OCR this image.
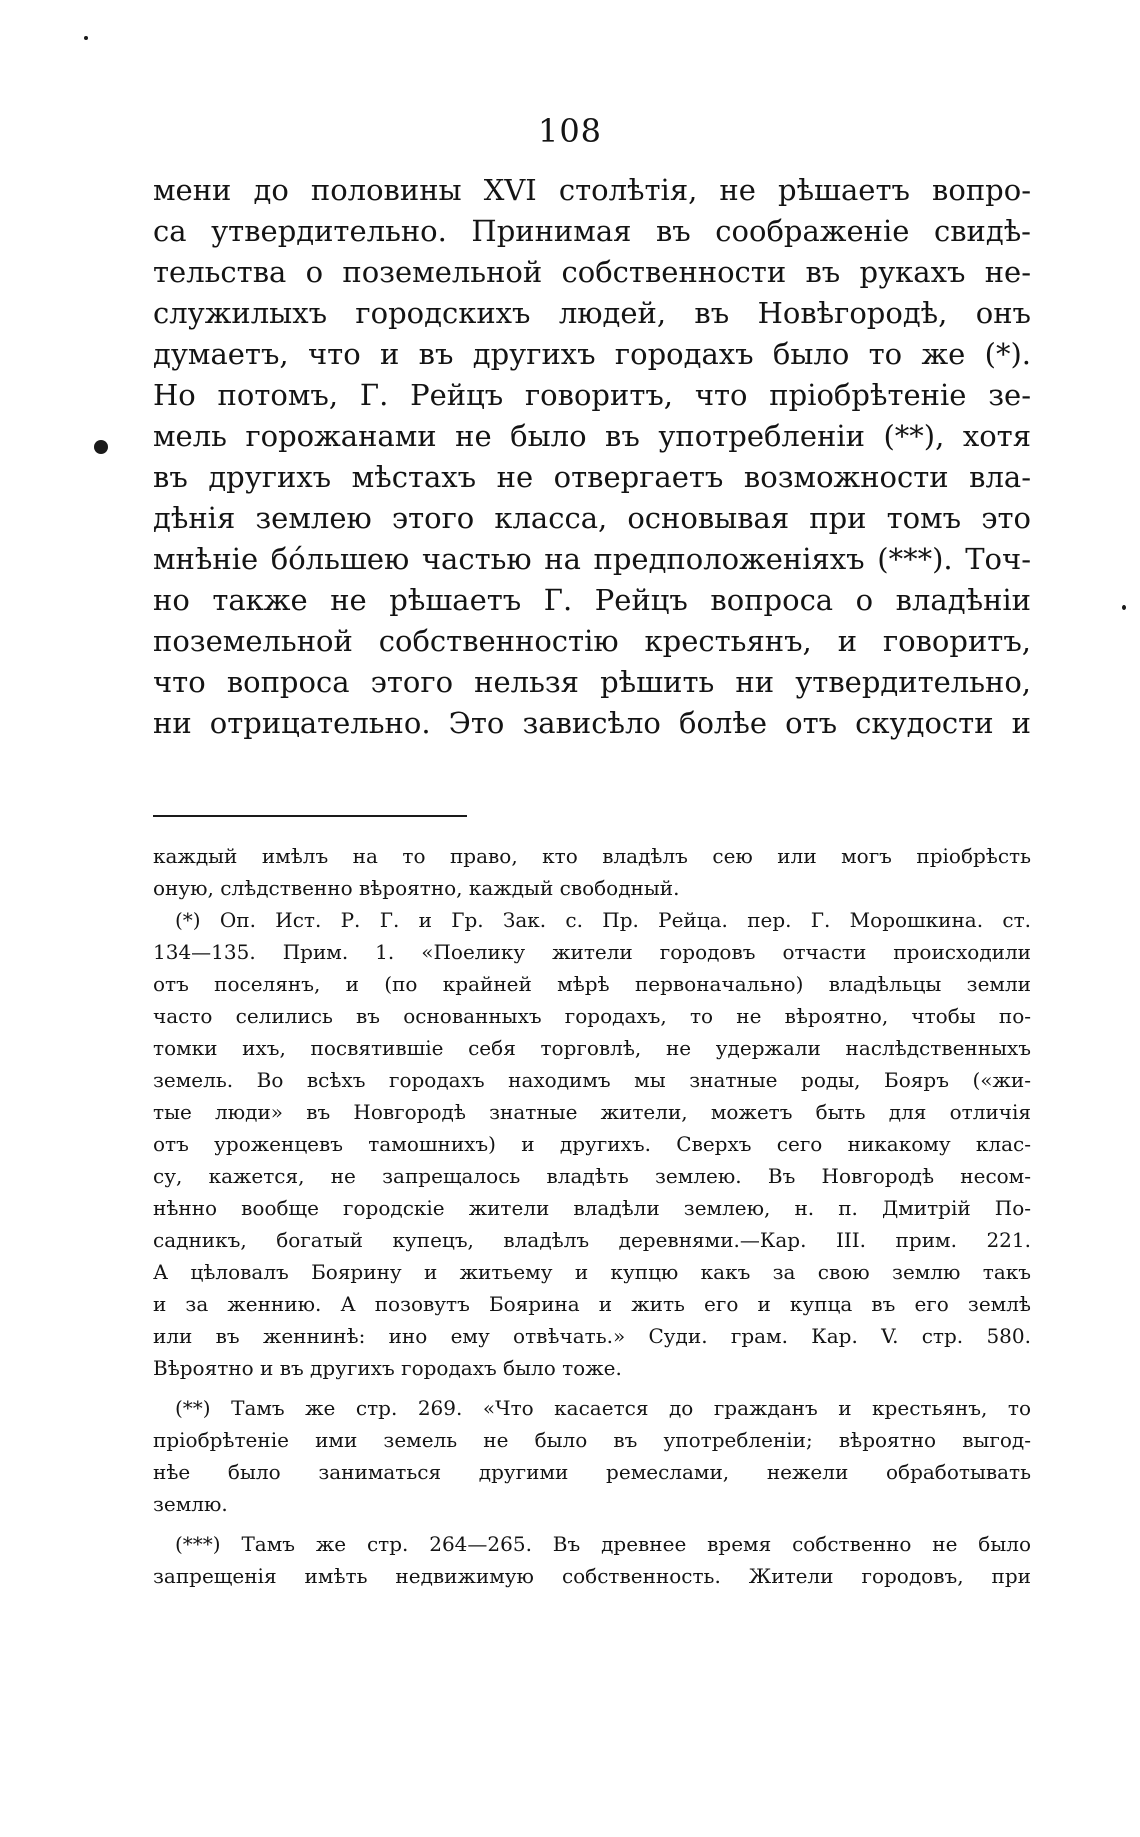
108
мени до половины XVI столѣтія, не рѣшаетъ вопро-
са утвердительно. Принимая въ соображеніе свидѣ-
тельства о поземельной собственности въ рукахъ не-
служилыхъ городскихъ людей, въ Новѣгородѣ, онъ
думаетъ, что и въ другихъ городахъ было то же (*).
Но потомъ, Г. Рейцъ говоритъ, что пріобрѣтеніе зе-
мель горожанами не было въ употребленіи (**), хотя
въ другихъ мѣстахъ не отвергаетъ возможности вла-
дѣнія землею этого класса, основывая при томъ это
мнѣніе бо́льшею частью на предположеніяхъ (***). Точ-
но также не рѣшаетъ Г. Рейцъ вопроса о владѣніи
поземельной собственностію крестьянъ, и говоритъ,
что вопроса этого нельзя рѣшить ни утвердительно,
ни отрицательно. Это зависѣло болѣе отъ скудости и
каждый имѣлъ на то право, кто владѣлъ сею или могъ пріобрѣсть
оную, слѣдственно вѣроятно, каждый свободный.
(*) Оп. Ист. Р. Г. и Гр. Зак. с. Пр. Рейца. пер. Г. Морошкина. ст.
134—135. Прим. 1. «Поелику жители городовъ отчасти происходили
отъ поселянъ, и (по крайней мѣрѣ первоначально) владѣльцы земли
часто селились въ основанныхъ городахъ, то не вѣроятно, чтобы по-
томки ихъ, посвятившіе себя торговлѣ, не удержали наслѣдственныхъ
земель. Во всѣхъ городахъ находимъ мы знатные роды, Бояръ («жи-
тые люди» въ Новгородѣ знатные жители, можетъ быть для отличія
отъ уроженцевъ тамошнихъ) и другихъ. Сверхъ сего никакому клас-
су, кажется, не запрещалось владѣть землею. Въ Новгородѣ несом-
нѣнно вообще городскіе жители владѣли землею, н. п. Дмитрій По-
садникъ, богатый купецъ, владѣлъ деревнями.—Кар. III. прим. 221.
А цѣловалъ Боярину и житьему и купцю какъ за свою землю такъ
и за женнию. А позовутъ Боярина и жить его и купца въ его землѣ
или въ женнинѣ: ино ему отвѣчать.» Суди. грам. Кар. V. стр. 580.
Вѣроятно и въ другихъ городахъ было тоже.
(**) Тамъ же стр. 269. «Что касается до гражданъ и крестьянъ, то
пріобрѣтеніе ими земель не было въ употребленіи; вѣроятно выгод-
нѣе было заниматься другими ремеслами, нежели обработывать
землю.
(***) Тамъ же стр. 264—265. Въ древнее время собственно не было
запрещенія имѣть недвижимую собственность. Жители городовъ, при
